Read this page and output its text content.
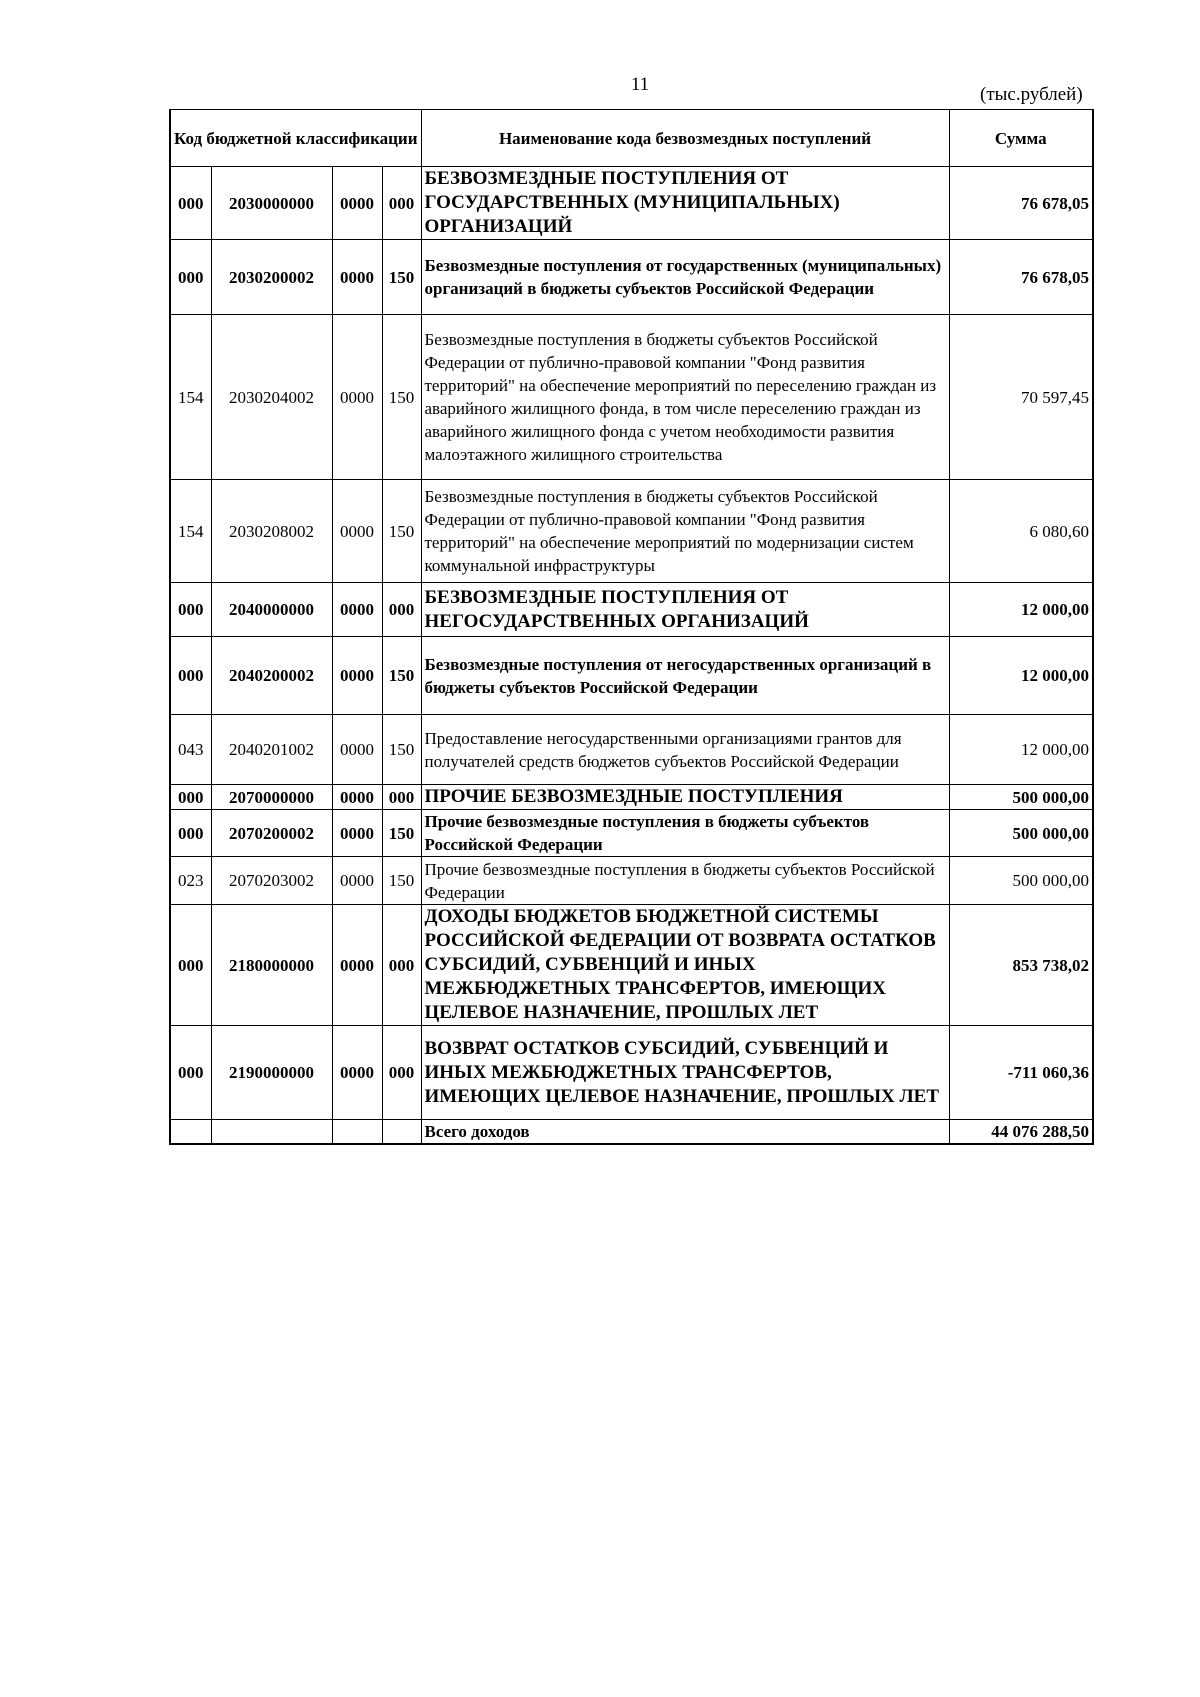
11	(тыс.рублей)
Код бюджетной классификации				Наименование кода безвозмездных поступлений	Сумма
000	2030000000	0000	000	БЕЗВОЗМЕЗДНЫЕ ПОСТУПЛЕНИЯ ОТ ГОСУДАРСТВЕННЫХ (МУНИЦИПАЛЬНЫХ) ОРГАНИЗАЦИЙ	76 678,05
000	2030200002	0000	150	Безвозмездные поступления от государственных (муниципальных) организаций в бюджеты субъектов Российской Федерации	76 678,05
154	2030204002	0000	150	Безвозмездные поступления в бюджеты субъектов Российской Федерации от публично-правовой компании "Фонд развития территорий" на обеспечение мероприятий по переселению граждан из аварийного жилищного фонда, в том числе переселению граждан из аварийного жилищного фонда с учетом необходимости развития малоэтажного жилищного строительства	70 597,45
154	2030208002	0000	150	Безвозмездные поступления в бюджеты субъектов Российской Федерации от публично-правовой компании "Фонд развития территорий" на обеспечение мероприятий по модернизации систем коммунальной инфраструктуры	6 080,60
000	2040000000	0000	000	БЕЗВОЗМЕЗДНЫЕ ПОСТУПЛЕНИЯ ОТ НЕГОСУДАРСТВЕННЫХ ОРГАНИЗАЦИЙ	12 000,00
000	2040200002	0000	150	Безвозмездные поступления от негосударственных организаций в бюджеты субъектов Российской Федерации	12 000,00
043	2040201002	0000	150	Предоставление негосударственными организациями грантов для получателей средств бюджетов субъектов Российской Федерации	12 000,00
000	2070000000	0000	000	ПРОЧИЕ БЕЗВОЗМЕЗДНЫЕ ПОСТУПЛЕНИЯ	500 000,00
000	2070200002	0000	150	Прочие безвозмездные поступления в бюджеты субъектов Российской Федерации	500 000,00
023	2070203002	0000	150	Прочие безвозмездные поступления в бюджеты субъектов Российской Федерации	500 000,00
000	2180000000	0000	000	ДОХОДЫ БЮДЖЕТОВ БЮДЖЕТНОЙ СИСТЕМЫ РОССИЙСКОЙ ФЕДЕРАЦИИ ОТ ВОЗВРАТА ОСТАТКОВ СУБСИДИЙ, СУБВЕНЦИЙ И ИНЫХ МЕЖБЮДЖЕТНЫХ ТРАНСФЕРТОВ, ИМЕЮЩИХ ЦЕЛЕВОЕ НАЗНАЧЕНИЕ, ПРОШЛЫХ ЛЕТ	853 738,02
000	2190000000	0000	000	ВОЗВРАТ ОСТАТКОВ СУБСИДИЙ, СУБВЕНЦИЙ И ИНЫХ МЕЖБЮДЖЕТНЫХ ТРАНСФЕРТОВ, ИМЕЮЩИХ ЦЕЛЕВОЕ НАЗНАЧЕНИЕ, ПРОШЛЫХ ЛЕТ	-711 060,36
				Всего доходов	44 076 288,50
